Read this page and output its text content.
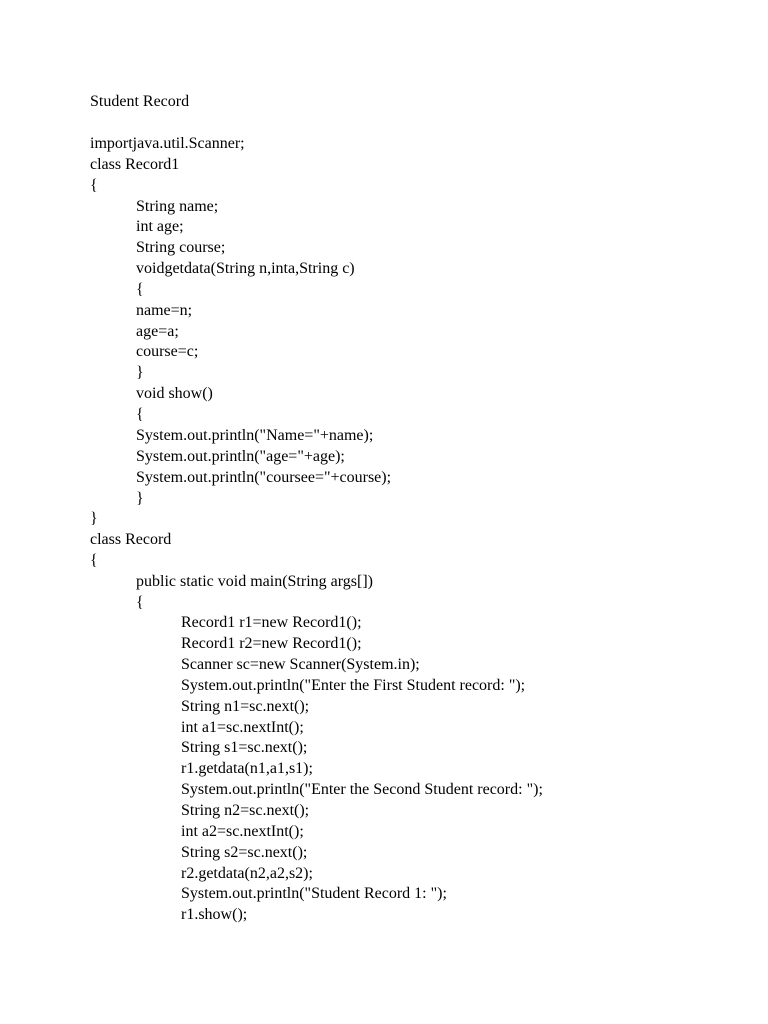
Student Record
importjava.util.Scanner;
class Record1
{
String name;
int age;
String course;
voidgetdata(String n,inta,String c)
{
name=n;
age=a;
course=c;
}
void show()
{
System.out.println("Name="+name);
System.out.println("age="+age);
System.out.println("coursee="+course);
}
}
class Record
{
public static void main(String args[])
{
Record1 r1=new Record1();
Record1 r2=new Record1();
Scanner sc=new Scanner(System.in);
System.out.println("Enter the First Student record: ");
String n1=sc.next();
int a1=sc.nextInt();
String s1=sc.next();
r1.getdata(n1,a1,s1);
System.out.println("Enter the Second Student record: ");
String n2=sc.next();
int a2=sc.nextInt();
String s2=sc.next();
r2.getdata(n2,a2,s2);
System.out.println("Student Record 1: ");
r1.show();
